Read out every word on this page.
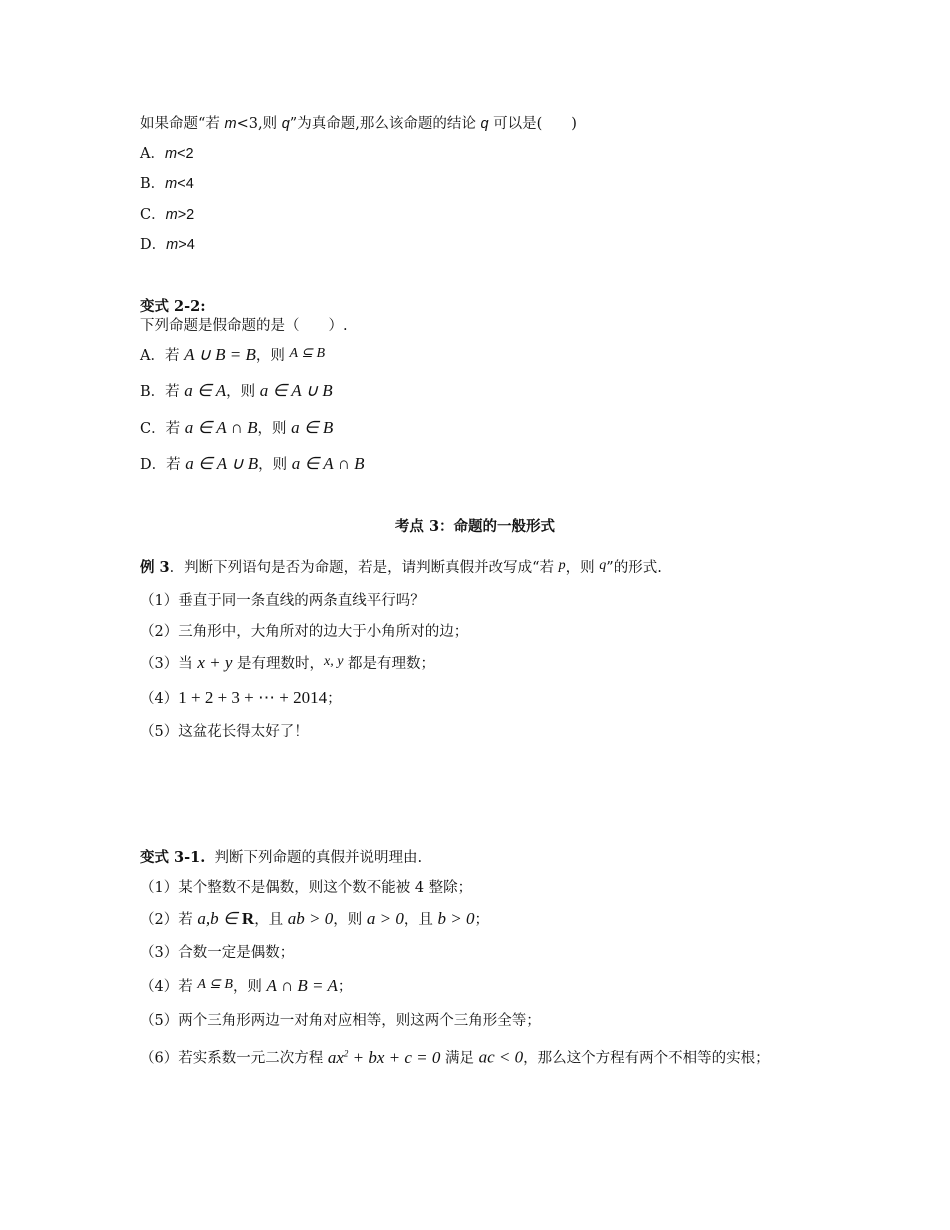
如果命题“若 m<3,则 q”为真命题,那么该命题的结论 q 可以是(　　)
A．m<2
B．m<4
C．m>2
D．m>4
变式 2-2:
下列命题是假命题的是（　　）.
A．若 A ∪ B = B，则 A ⊆ B
B．若 a ∈ A，则 a ∈ A ∪ B
C．若 a ∈ A ∩ B，则 a ∈ B
D．若 a ∈ A ∪ B，则 a ∈ A ∩ B
考点 3：命题的一般形式
例 3．判断下列语句是否为命题，若是，请判断真假并改写成“若 p，则 q”的形式.
（1）垂直于同一条直线的两条直线平行吗？
（2）三角形中，大角所对的边大于小角所对的边；
（3）当 x + y 是有理数时，x, y 都是有理数；
（4）1 + 2 + 3 + ⋯ + 2014；
（5）这盆花长得太好了！
变式 3-1. 判断下列命题的真假并说明理由.
（1）某个整数不是偶数，则这个数不能被 4 整除；
（2）若 a,b ∈ R，且 ab > 0，则 a > 0，且 b > 0；
（3）合数一定是偶数；
（4）若 A ⊆ B，则 A ∩ B = A；
（5）两个三角形两边一对角对应相等，则这两个三角形全等；
（6）若实系数一元二次方程 $ax^2$ + bx + c = 0 满足 ac < 0，那么这个方程有两个不相等的实根；
